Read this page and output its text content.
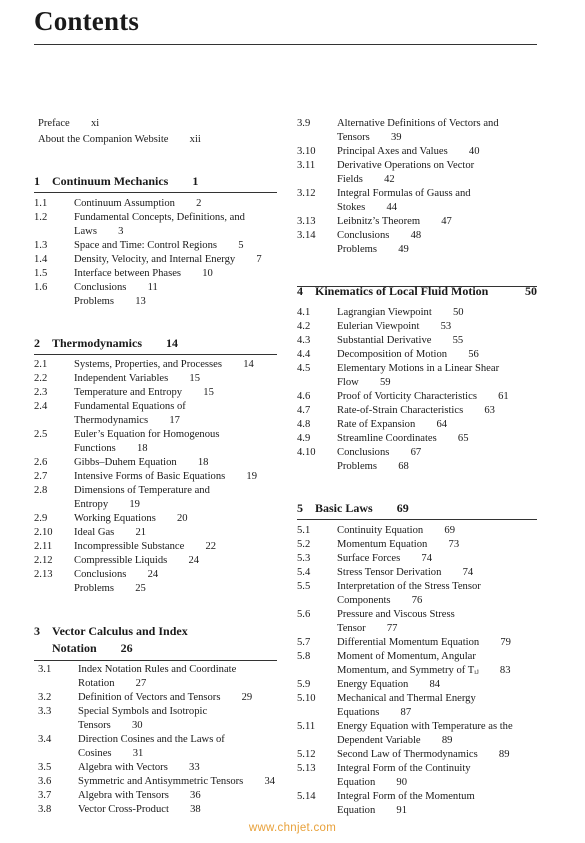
Contents
Preface   xi
About the Companion Website   xii
1 Continuum Mechanics   1

1.1	Continuum Assumption  2
1.2	Fundamental Concepts, Definitions, and
Laws  3
1.3	Space and Time: Control Regions  5
1.4	Density, Velocity, and Internal Energy  7
1.5	Interface between Phases  10
1.6	Conclusions  11
Problems  13
2 Thermodynamics   14

2.1	Systems, Properties, and Processes  14
2.2	Independent Variables  15
2.3	Temperature and Entropy  15
2.4	Fundamental Equations of
Thermodynamics  17
2.5	Euler’s Equation for Homogenous
Functions  18
2.6	Gibbs–Duhem Equation  18
2.7	Intensive Forms of Basic Equations  19
2.8	Dimensions of Temperature and
Entropy  19
2.9	Working Equations  20
2.10 Ideal Gas  21
2.11 Incompressible Substance  22
2.12 Compressible Liquids  24
2.13 Conclusions  24
Problems  25
3 Vector Calculus and Index
Notation   26
3.1	Index Notation Rules and Coordinate
Rotation  27
3.2	Definition of Vectors and Tensors  29
3.3	Special Symbols and Isotropic
Tensors  30
3.4	Direction Cosines and the Laws of
Cosines  31
3.5	Algebra with Vectors  33
3.6	Symmetric and Antisymmetric Tensors  34
3.7	Algebra with Tensors  36
3.8	Vector Cross-Product  38
3.9	Alternative Definitions of Vectors and
Tensors  39
3.10 Principal Axes and Values  40
3.11 Derivative Operations on Vector
Fields  42
3.12 Integral Formulas of Gauss and
Stokes  44
3.13 Leibnitz’s Theorem  47
3.14 Conclusions  48
Problems  49
4 Kinematics of Local Fluid Motion	50
4.1	Lagrangian Viewpoint  50
4.2	Eulerian Viewpoint  53
4.3	Substantial Derivative  55
4.4	Decomposition of Motion  56
4.5	Elementary Motions in a Linear Shear
Flow  59
4.6	Proof of Vorticity Characteristics  61
4.7	Rate-of-Strain Characteristics  63
4.8	Rate of Expansion  64
4.9	Streamline Coordinates  65
4.10 Conclusions  67
Problems  68
5 Basic Laws   69

5.1	Continuity Equation  69
5.2	Momentum Equation  73
5.3	Surface Forces  74
5.4	Stress Tensor Derivation  74
5.5	Interpretation of the Stress Tensor
Components  76
5.6	Pressure and Viscous Stress
Tensor  77
5.7	Differential Momentum Equation  79
5.8	Moment of Momentum, Angular
Momentum, and Symmetry of Tᵢⱼ  83
5.9	Energy Equation  84
5.10 Mechanical and Thermal Energy
Equations  87
5.11 Energy Equation with Temperature as the
Dependent Variable  89
5.12 Second Law of Thermodynamics  89
5.13 Integral Form of the Continuity
Equation  90
5.14 Integral Form of the Momentum
Equation  91
www.chnjet.com
